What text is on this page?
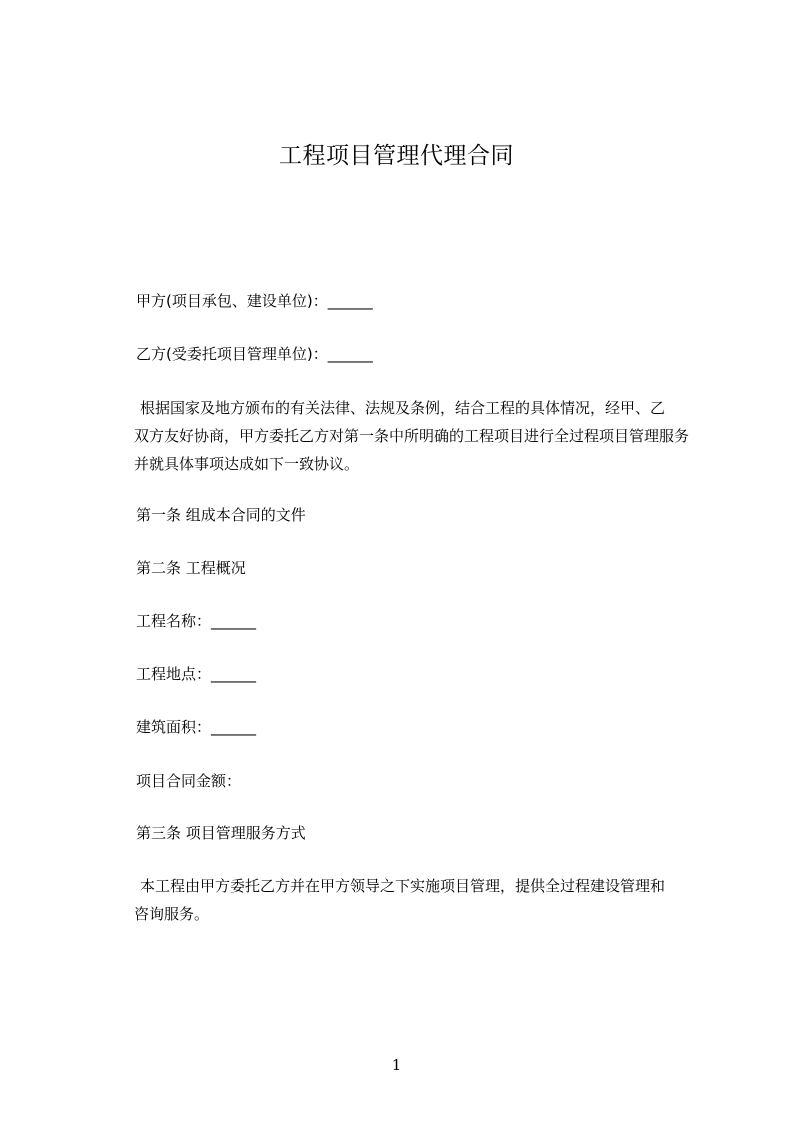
工程项目管理代理合同
甲方(项目承包、建设单位)：______
乙方(受委托项目管理单位)：______
根据国家及地方颁布的有关法律、法规及条例，结合工程的具体情况，经甲、乙
双方友好协商，甲方委托乙方对第一条中所明确的工程项目进行全过程项目管理服务
并就具体事项达成如下一致协议。
第一条 组成本合同的文件
第二条 工程概况
工程名称：______
工程地点：______
建筑面积：______
项目合同金额：
第三条 项目管理服务方式
本工程由甲方委托乙方并在甲方领导之下实施项目管理，提供全过程建设管理和
咨询服务。
1
